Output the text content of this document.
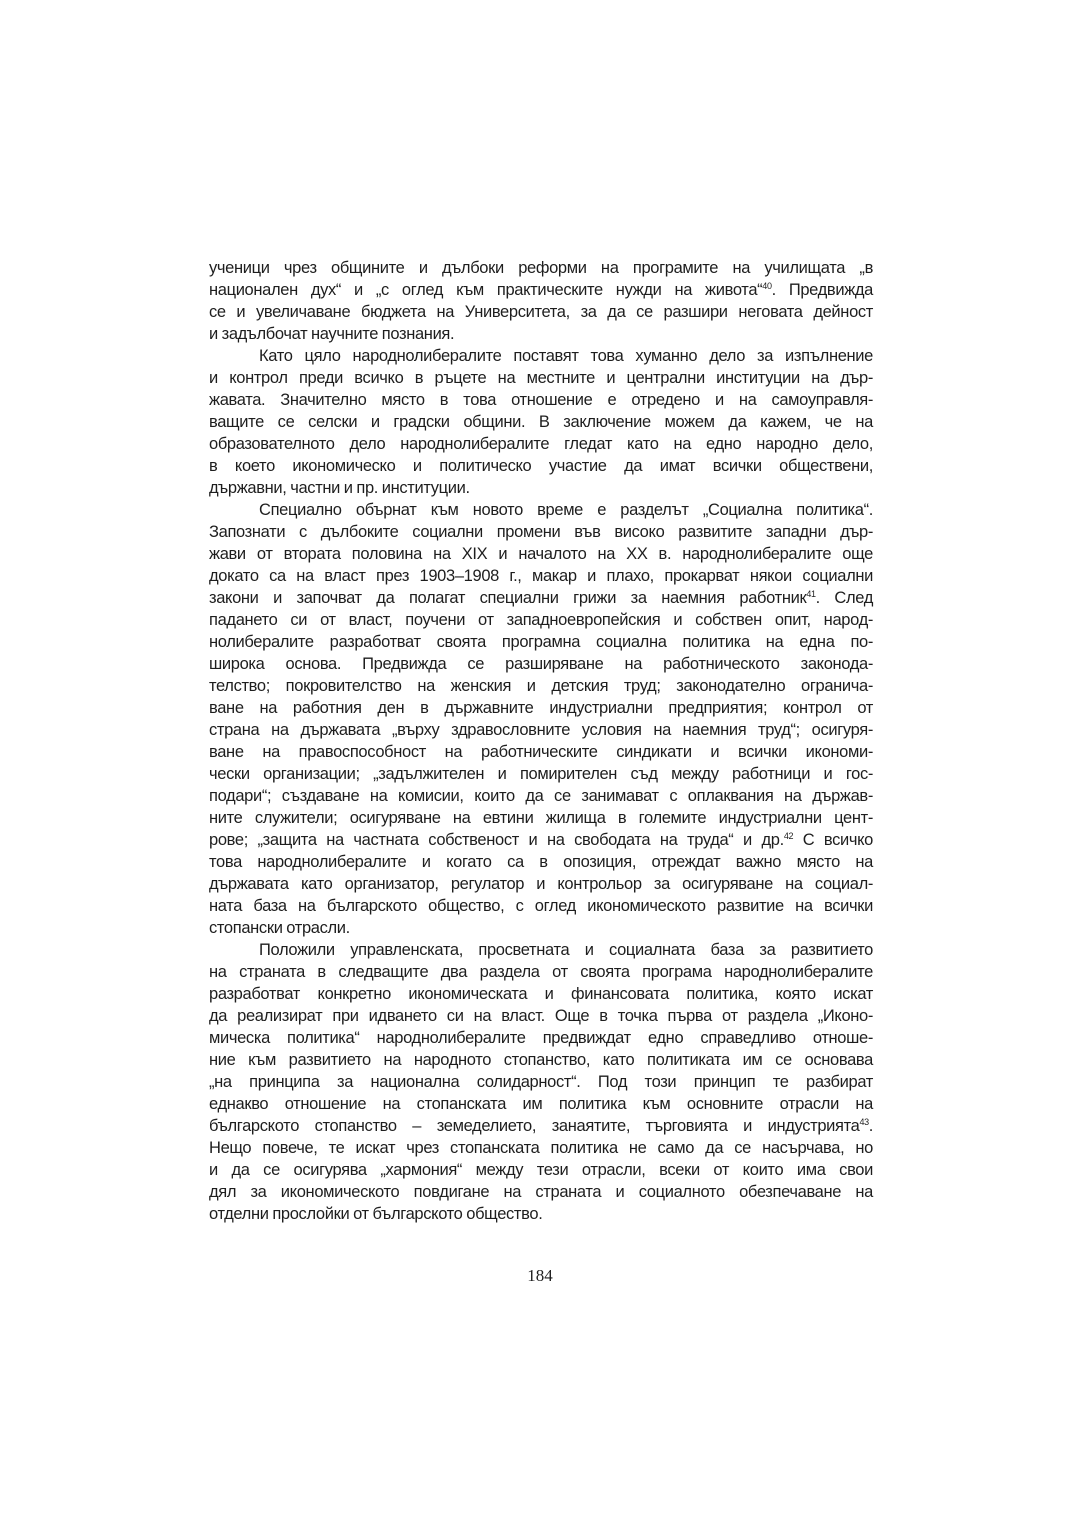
ученици чрез общините и дълбоки реформи на програмите на училищата „в
национален дух“ и „с оглед към практическите нужди на живота“$^{40}$. Предвижда
се и увеличаване бюджета на Университета, за да се разшири неговата дейност
и задълбочат научните познания.
Като цяло народнолибералите поставят това хуманно дело за изпълнение
и контрол преди всичко в ръцете на местните и централни институции на дър-
жавата. Значително място в това отношение е отредено и на самоуправля-
ващите се селски и градски общини. В заключение можем да кажем, че на
образователното дело народнолибералите гледат като на едно народно дело,
в което икономическо и политическо участие да имат всички обществени,
държавни, частни и пр. институции.
Специално обърнат към новото време е разделът „Социална политика“.
Запознати с дълбоките социални промени във високо развитите западни дър-
жави от втората половина на XIX и началото на XX в. народнолибералите още
докато са на власт през 1903–1908 г., макар и плахо, прокарват някои социални
закони и започват да полагат специални грижи за наемния работник$^{41}$. След
падането си от власт, поучени от западноевропейския и собствен опит, народ-
нолибералите разработват своята програмна социална политика на една по-
широка основа. Предвижда се разширяване на работническото законода-
телство; покровителство на женския и детския труд; законодателно ограничa-
ване на работния ден в държавните индустриални предприятия; контрол от
страна на държавата „върху здравословните условия на наемния труд“; осигуря-
ване на правоспособност на работническите синдикати и всички икономи-
чески организации; „задължителен и помирителен съд между работници и гос-
подари“; създаване на комисии, които да се занимават с оплаквания на държав-
ните служители; осигуряване на евтини жилища в големите индустриални цент-
рове; „защита на частната собственост и на свободата на труда“ и др.$^{42}$ С всичко
това народнолибералите и когато са в опозиция, отреждат важно място на
държавата като организатор, регулатор и контрольор за осигуряване на социал-
ната база на българското общество, с оглед икономическото развитие на всички
стопански отрасли.
Положили управленската, просветната и социалната база за развитието
на страната в следващите два раздела от своята програма народнолибералите
разработват конкретно икономическата и финансовата политика, която искат
да реализират при идването си на власт. Още в точка първа от раздела „Иконо-
мическа политика“ народнолибералите предвиждат едно справедливо отноше-
ние към развитието на народното стопанство, като политиката им се основава
„на принципа за национална солидарност“. Под този принцип те разбират
еднакво отношение на стопанската им политика към основните отрасли на
българското стопанство – земеделието, занаятите, търговията и индустрията$^{43}$.
Нещо повече, те искат чрез стопанската политика не само да се насърчава, но
и да се осигурява „хармония“ между тези отрасли, всеки от които има свои
дял за икономическото повдигане на страната и социалното обезпечаване на
отделни прослойки от българското общество.
184
